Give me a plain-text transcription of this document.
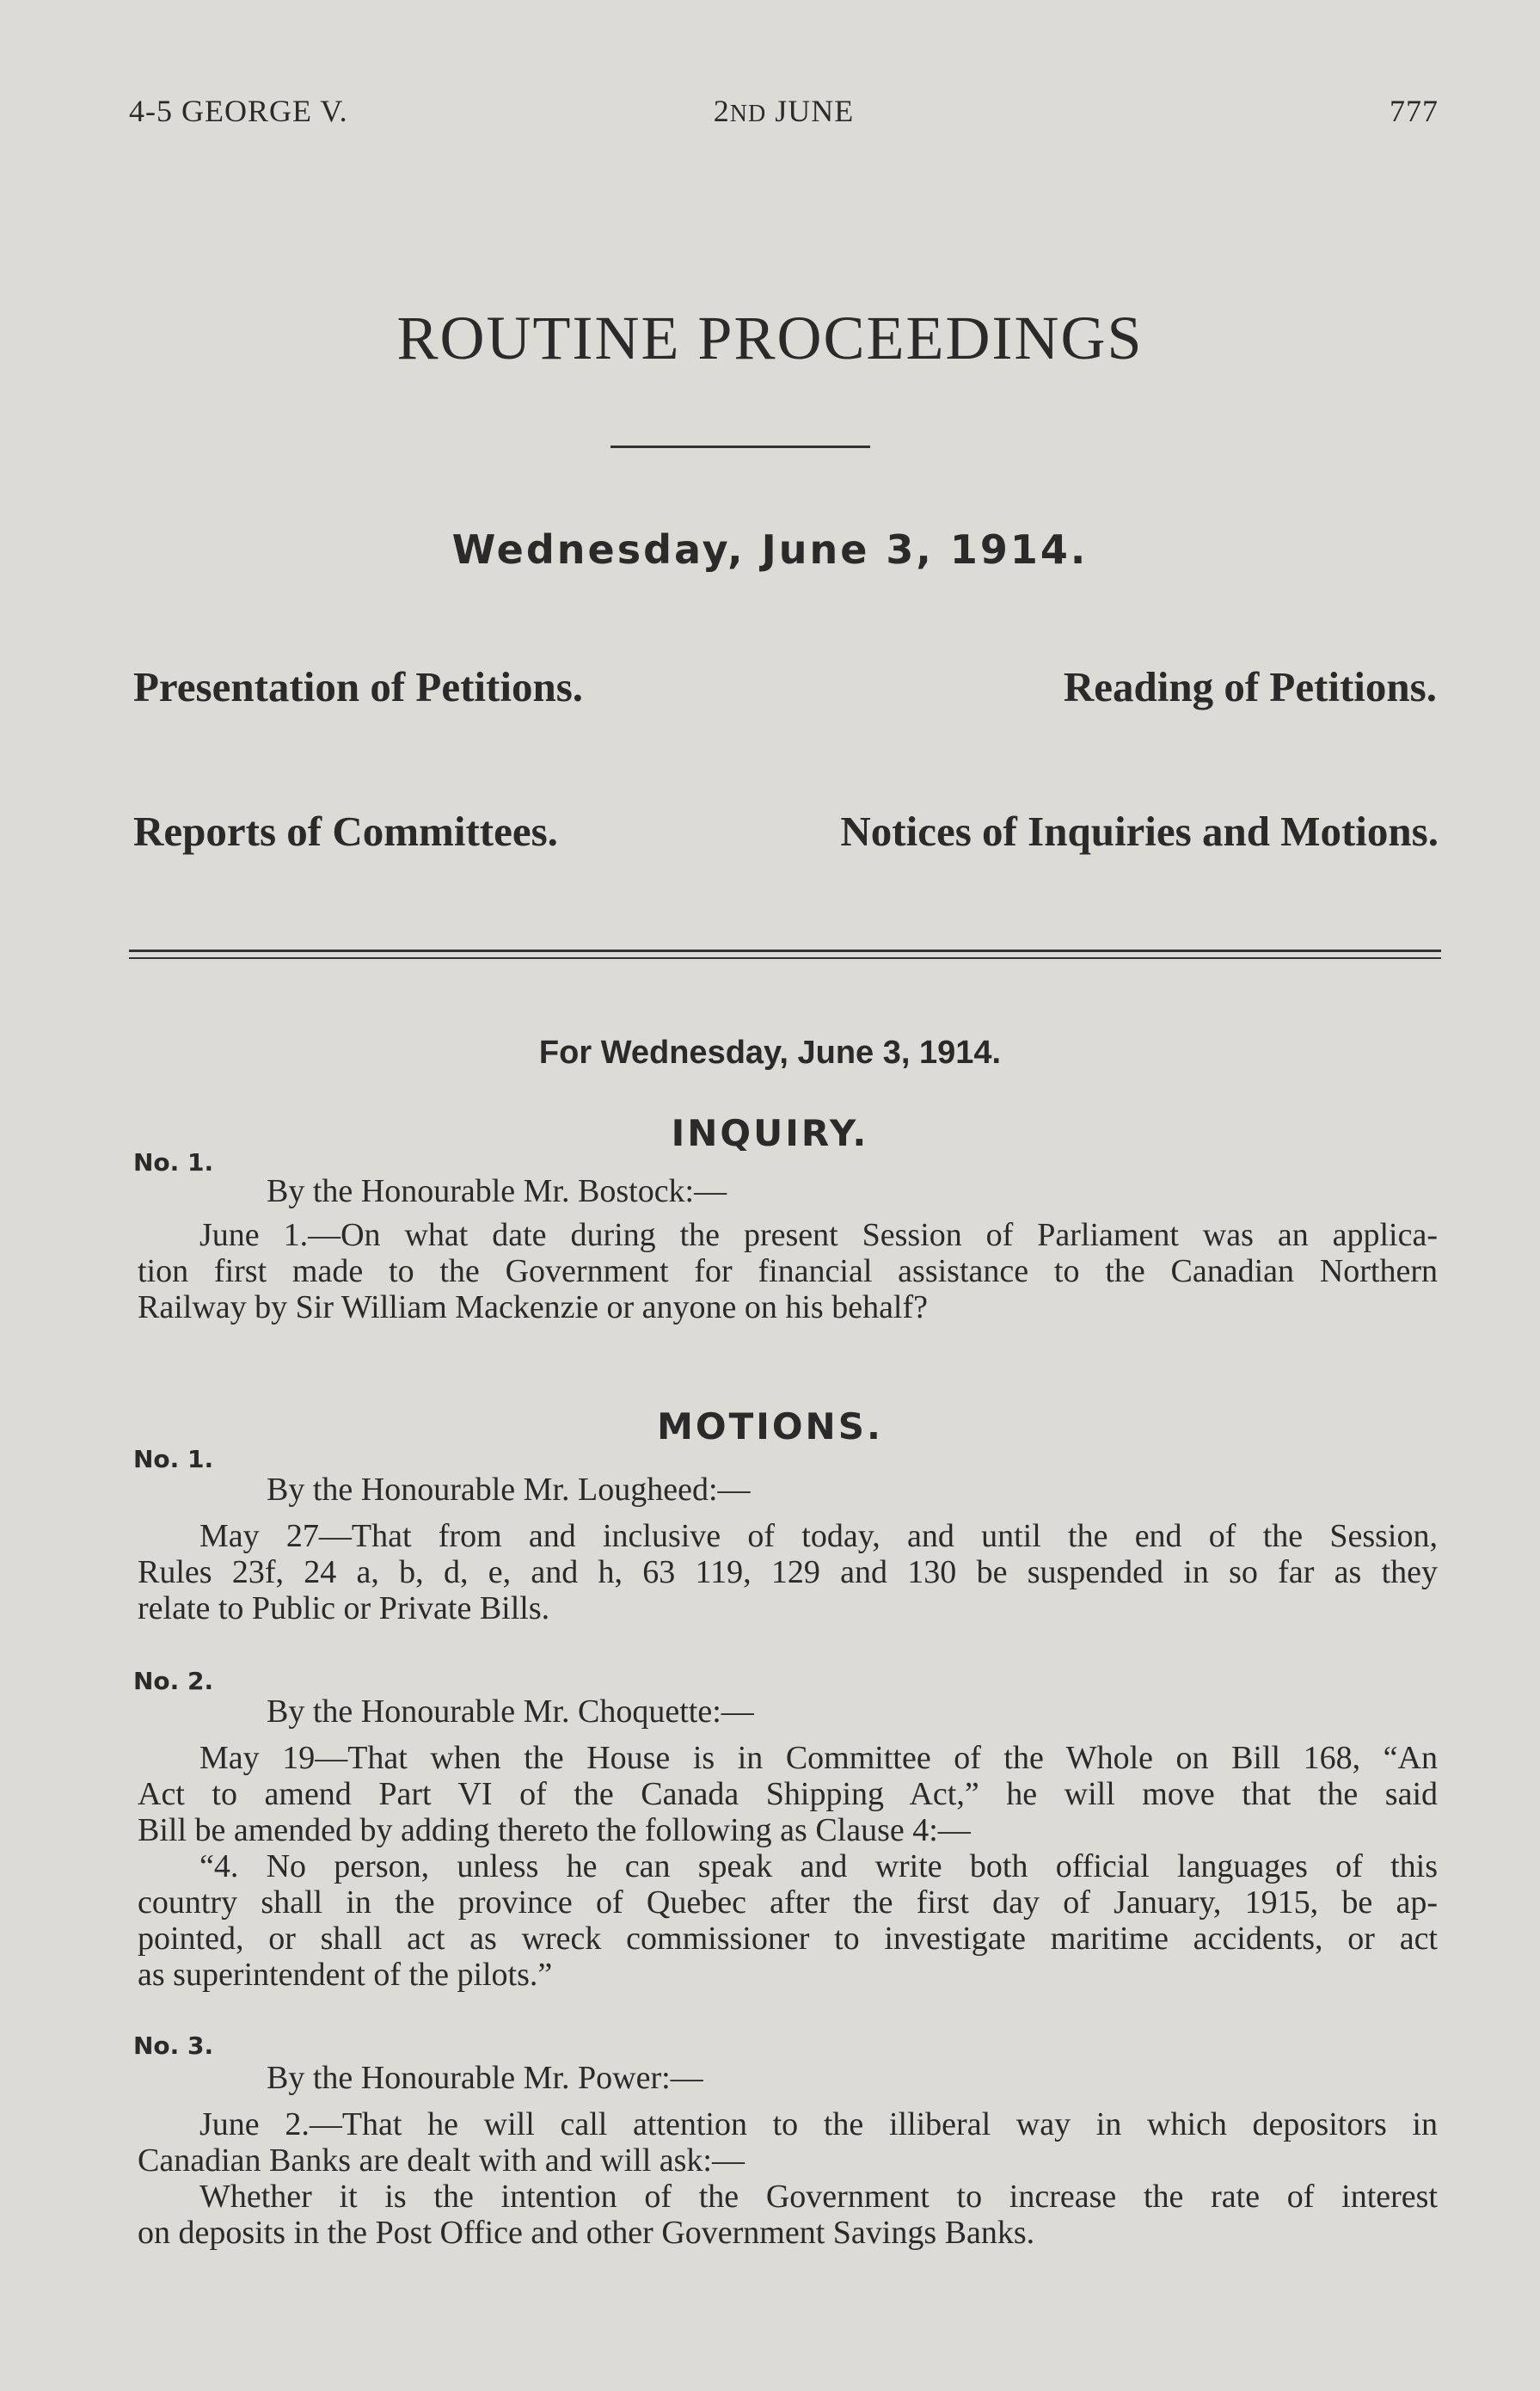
4-5 GEORGE V.	2ND JUNE	777
ROUTINE PROCEEDINGS
Wednesday, June 3, 1914.
Presentation of Petitions.	Reading of Petitions.
Reports of Committees.	Notices of Inquiries and Motions.
For Wednesday, June 3, 1914.
INQUIRY.
No. 1.
By the Honourable Mr. Bostock:—
June 1.—On what date during the present Session of Parliament was an applica-
tion first made to the Government for financial assistance to the Canadian Northern
Railway by Sir William Mackenzie or anyone on his behalf?
MOTIONS.
No. 1.
By the Honourable Mr. Lougheed:—
May 27—That from and inclusive of today, and until the end of the Session,
Rules 23f, 24 a, b, d, e, and h, 63 119, 129 and 130 be suspended in so far as they
relate to Public or Private Bills.
No. 2.
By the Honourable Mr. Choquette:—
May 19—That when the House is in Committee of the Whole on Bill 168, “An
Act to amend Part VI of the Canada Shipping Act,” he will move that the said
Bill be amended by adding thereto the following as Clause 4:—
“4. No person, unless he can speak and write both official languages of this
country shall in the province of Quebec after the first day of January, 1915, be ap-
pointed, or shall act as wreck commissioner to investigate maritime accidents, or act
as superintendent of the pilots.”
No. 3.
By the Honourable Mr. Power:—
June 2.—That he will call attention to the illiberal way in which depositors in
Canadian Banks are dealt with and will ask:—
Whether it is the intention of the Government to increase the rate of interest
on deposits in the Post Office and other Government Savings Banks.
